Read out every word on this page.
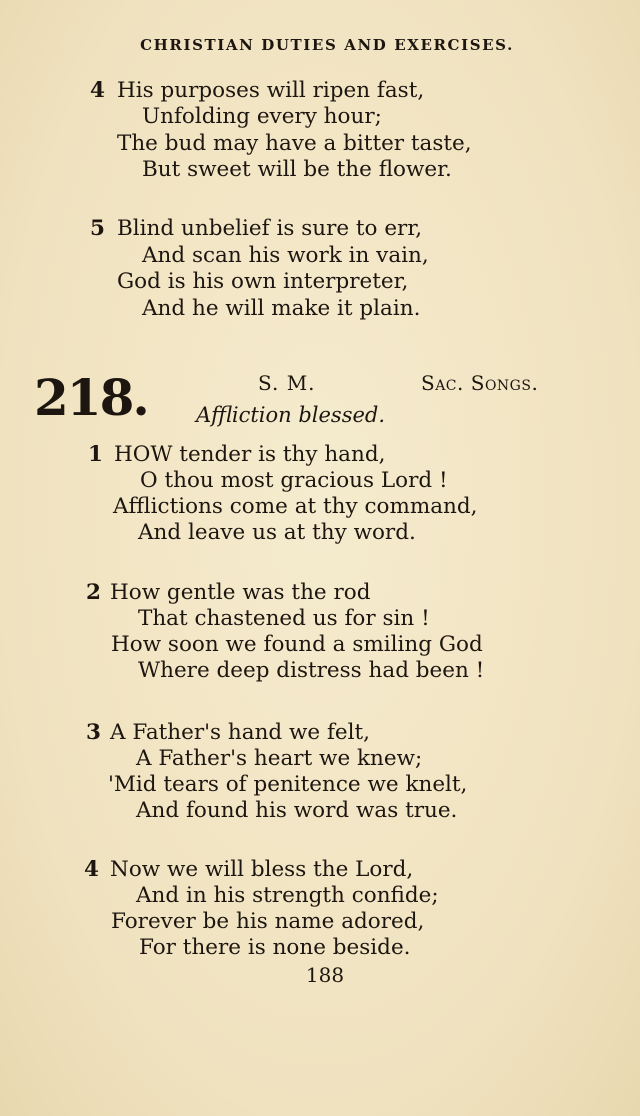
CHRISTIAN DUTIES AND EXERCISES.
4 His purposes will ripen fast,
Unfolding every hour;
The bud may have a bitter taste,
But sweet will be the flower.
5 Blind unbelief is sure to err,
And scan his work in vain,
God is his own interpreter,
And he will make it plain.
218.	S. M.	Sac. Songs.
Affliction blessed.
1 HOW tender is thy hand,
O thou most gracious Lord !
Afflictions come at thy command,
And leave us at thy word.
2 How gentle was the rod
That chastened us for sin !
How soon we found a smiling God
Where deep distress had been !
3 A Father's hand we felt,
A Father's heart we knew;
'Mid tears of penitence we knelt,
And found his word was true.
4 Now we will bless the Lord,
And in his strength confide;
Forever be his name adored,
For there is none beside.
188
